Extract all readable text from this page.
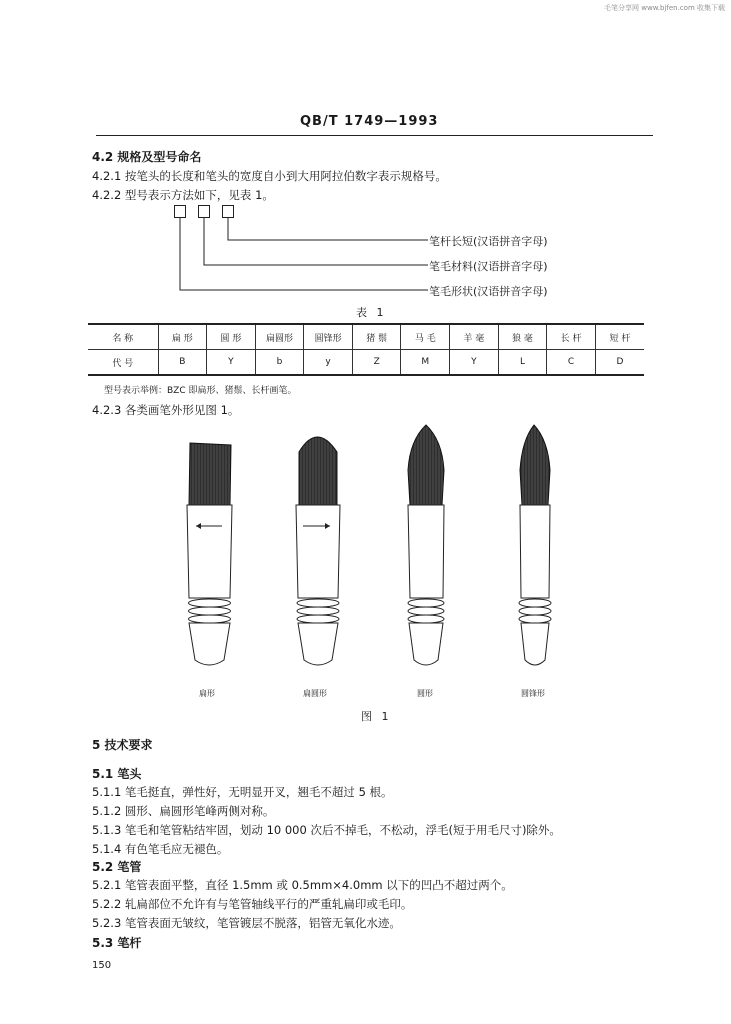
毛笔分享网 www.bjfen.com 收集下载
QB/T 1749—1993
4.2 规格及型号命名
4.2.1 按笔头的长度和笔头的宽度自小到大用阿拉伯数字表示规格号。
4.2.2 型号表示方法如下，见表 1。
笔杆长短(汉语拼音字母)
笔毛材料(汉语拼音字母)
笔毛形状(汉语拼音字母)
表 1
名 称	扁 形	圆 形	扁圆形	圆锋形	猪 鬃	马 毛	羊 毫	狼 毫	长 杆	短 杆
代 号	B	Y	b	y	Z	M	Y	L	C	D
型号表示举例：BZC 即扁形、猪鬃、长杆画笔。
4.2.3 各类画笔外形见图 1。
扁形	扁圆形	圆形	圆锋形
图 1
5 技术要求
5.1 笔头
5.1.1 笔毛挺直，弹性好，无明显开叉，翘毛不超过 5 根。
5.1.2 圆形、扁圆形笔峰两侧对称。
5.1.3 笔毛和笔管粘结牢固，划动 10 000 次后不掉毛，不松动，浮毛(短于用毛尺寸)除外。
5.1.4 有色笔毛应无褪色。
5.2 笔管
5.2.1 笔管表面平整，直径 1.5mm 或 0.5mm×4.0mm 以下的凹凸不超过两个。
5.2.2 轧扁部位不允许有与笔管轴线平行的严重轧扁印或毛印。
5.2.3 笔管表面无皱纹，笔管镀层不脱落，铝管无氧化水迹。
5.3 笔杆
150
